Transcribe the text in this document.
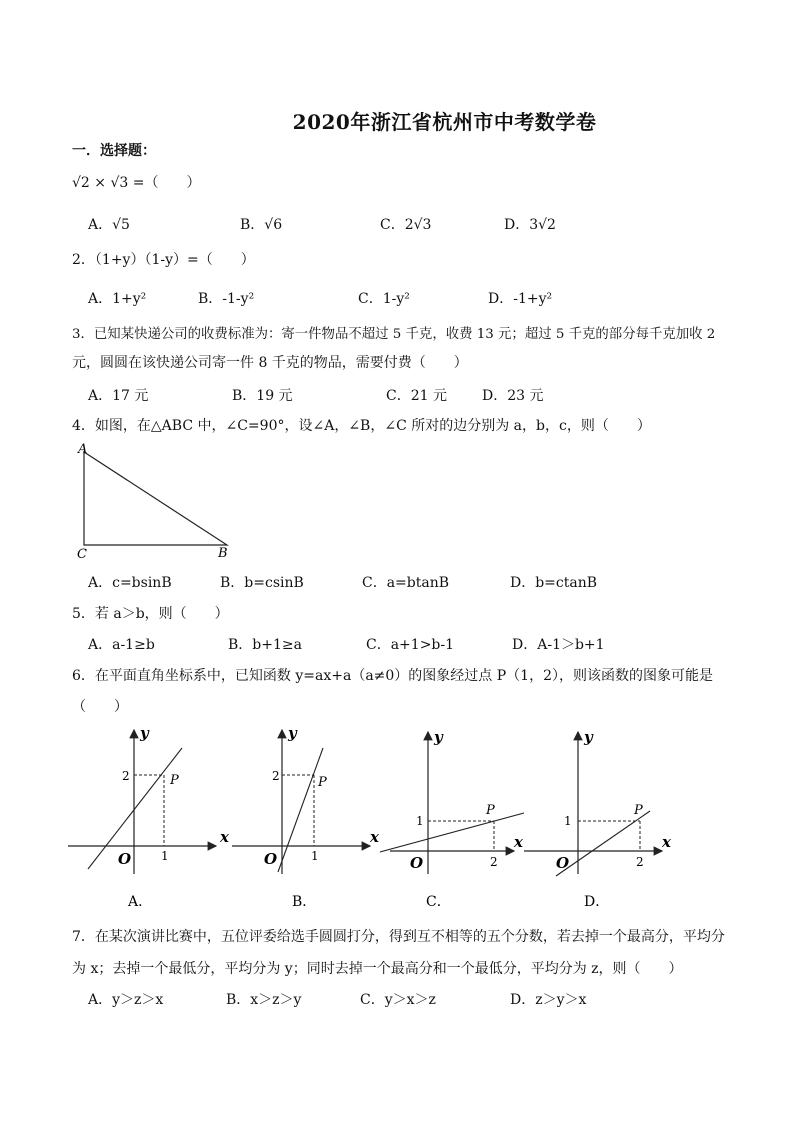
2020年浙江省杭州市中考数学卷
一．选择题：
√2 × √3 =（　　）
A．√5	B．√6	C．2√3	D．3√2
2．（1+y）（1-y）=（　　）
A．1+y²	B．-1-y²	C．1-y²	D．-1+y²
3．已知某快递公司的收费标准为：寄一件物品不超过 5 千克，收费 13 元；超过 5 千克的部分每千克加收 2
元，圆圆在该快递公司寄一件 8 千克的物品，需要付费（　　）
A．17 元	B．19 元	C．21 元	D．23 元
4．如图，在△ABC 中，∠C=90°，设∠A，∠B，∠C 所对的边分别为 a，b，c，则（　　）
A
C	B
A．c=bsinB	B．b=csinB	C．a=btanB	D．b=ctanB
5．若 a＞b，则（　　）
A．a-1≥b	B．b+1≥a	C．a+1>b-1	D．A-1＞b+1
6．在平面直角坐标系中，已知函数 y=ax+a（a≠0）的图象经过点 P（1，2），则该函数的图象可能是
（　　）
y
x
O
P
2
1
A．
y
x
O
P
2
1
B．
y
x
O
P
1
2
C．
y
x
O
P
1
2
D．
7．在某次演讲比赛中，五位评委给选手圆圆打分，得到互不相等的五个分数，若去掉一个最高分，平均分
为 x；去掉一个最低分，平均分为 y；同时去掉一个最高分和一个最低分，平均分为 z，则（　　）
A．y＞z＞x	B．x＞z＞y	C．y＞x＞z	D．z＞y＞x
